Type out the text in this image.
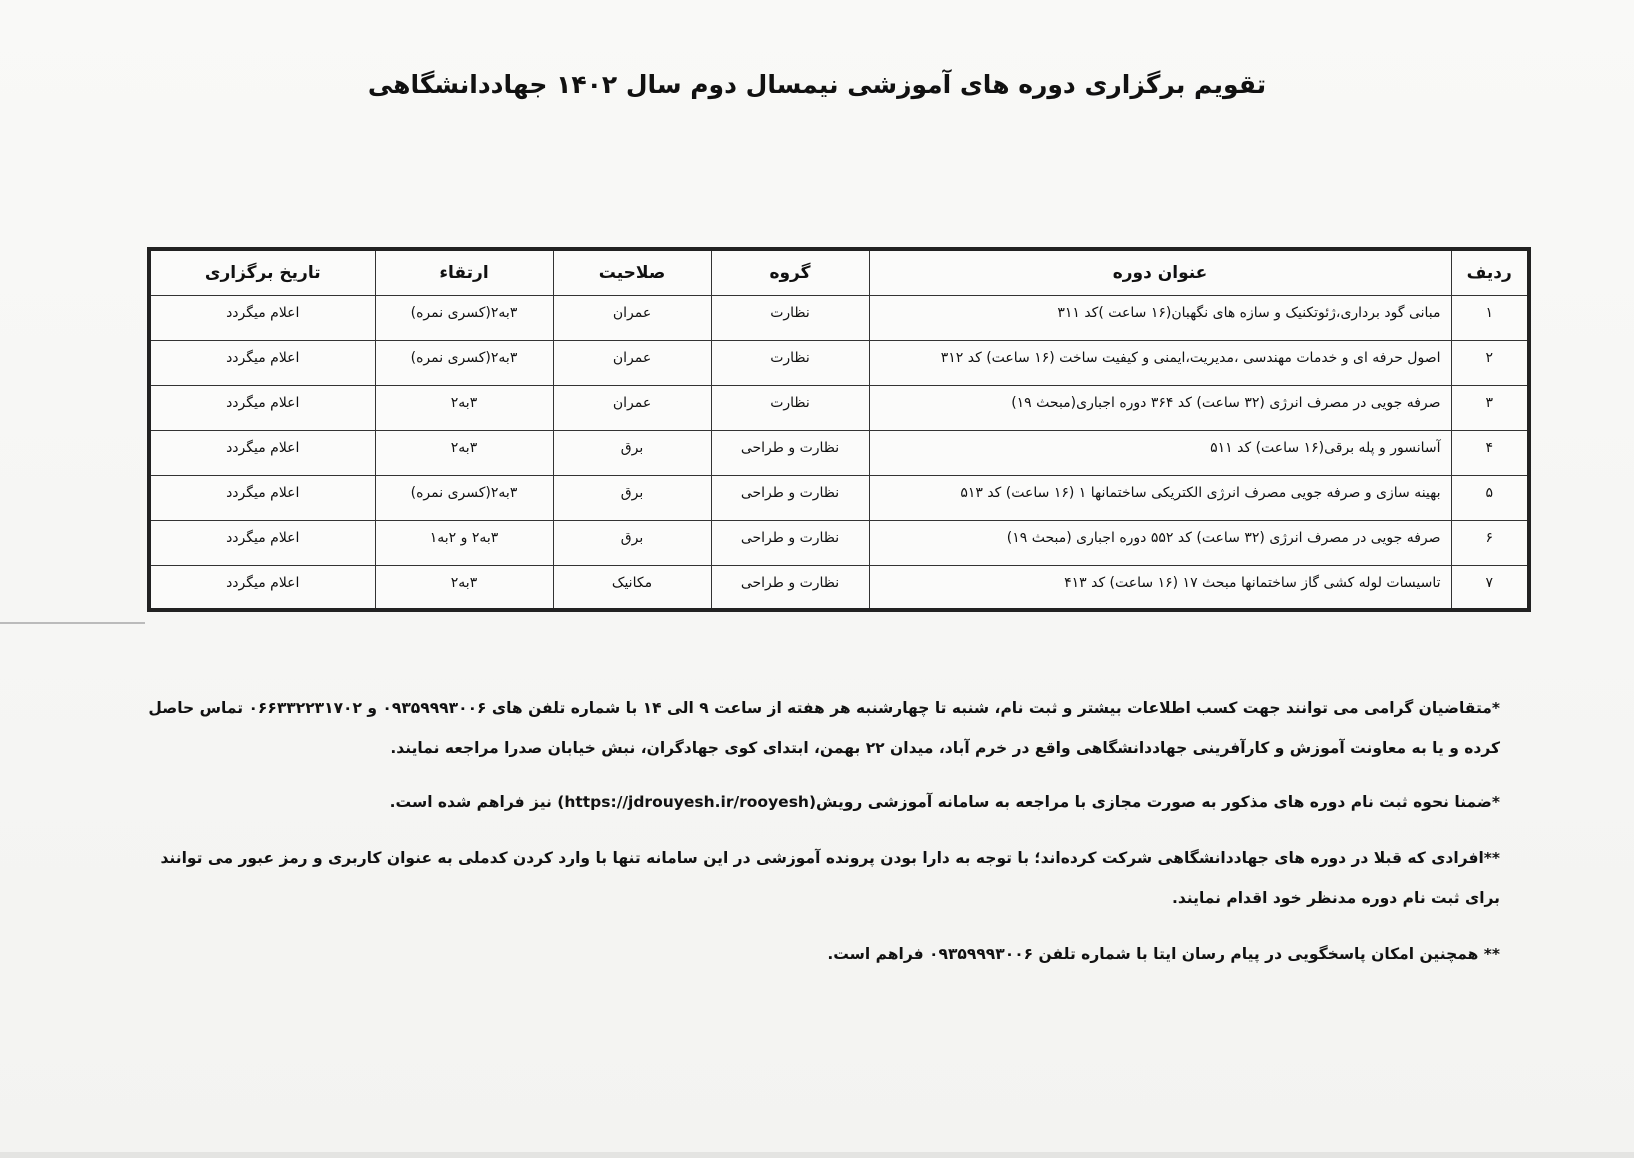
تقویم برگزاری دوره های آموزشی نیمسال دوم سال ۱۴۰۲ جهاددانشگاهی
ردیف	عنوان دوره	گروه	صلاحیت	ارتقاء	تاریخ برگزاری
۱	مبانی گود برداری،ژئوتکنیک و سازه های نگهبان(۱۶ ساعت )کد ۳۱۱	نظارت	عمران	۳به۲(کسری نمره)	اعلام میگردد
۲	اصول حرفه ای و خدمات مهندسی ،مدیریت،ایمنی و کیفیت ساخت (۱۶ ساعت) کد ۳۱۲	نظارت	عمران	۳به۲(کسری نمره)	اعلام میگردد
۳	صرفه جویی در مصرف انرژی (۳۲ ساعت) کد ۳۶۴ دوره اجباری(مبحث ۱۹)	نظارت	عمران	۳به۲	اعلام میگردد
۴	آسانسور و پله برقی(۱۶ ساعت) کد ۵۱۱	نظارت و طراحی	برق	۳به۲	اعلام میگردد
۵	بهینه سازی و صرفه جویی مصرف انرژی الکتریکی ساختمانها ۱ (۱۶ ساعت) کد ۵۱۳	نظارت و طراحی	برق	۳به۲(کسری نمره)	اعلام میگردد
۶	صرفه جویی در مصرف انرژی (۳۲ ساعت) کد ۵۵۲ دوره اجباری (مبحث ۱۹)	نظارت و طراحی	برق	۳به۲ و ۲به۱	اعلام میگردد
۷	تاسیسات لوله کشی گاز ساختمانها مبحث ۱۷ (۱۶ ساعت) کد ۴۱۳	نظارت و طراحی	مکانیک	۳به۲	اعلام میگردد

*متقاضیان گرامی می توانند جهت کسب اطلاعات بیشتر و ثبت نام، شنبه تا چهارشنبه هر هفته از ساعت ۹ الی ۱۴ با شماره تلفن های ۰۹۳۵۹۹۹۳۰۰۶ و ۰۶۶۳۳۲۲۳۱۷۰۲ تماس حاصل کرده و یا به معاونت آموزش و کارآفرینی جهاددانشگاهی واقع در خرم آباد، میدان ۲۲ بهمن، ابتدای کوی جهادگران، نبش خیابان صدرا مراجعه نمایند.

*ضمنا نحوه ثبت نام دوره های مذکور به صورت مجازی با مراجعه به سامانه آموزشی رویش(https://jdrouyesh.ir/rooyesh) نیز فراهم شده است.

**افرادی که قبلا در دوره های جهاددانشگاهی شرکت کرده‌اند؛ با توجه به دارا بودن پرونده آموزشی در این سامانه تنها با وارد کردن کدملی به عنوان کاربری و رمز عبور می توانند برای ثبت نام دوره مدنظر خود اقدام نمایند.

** همچنین امکان پاسخگویی در پیام رسان ایتا با شماره تلفن ۰۹۳۵۹۹۹۳۰۰۶ فراهم است.
